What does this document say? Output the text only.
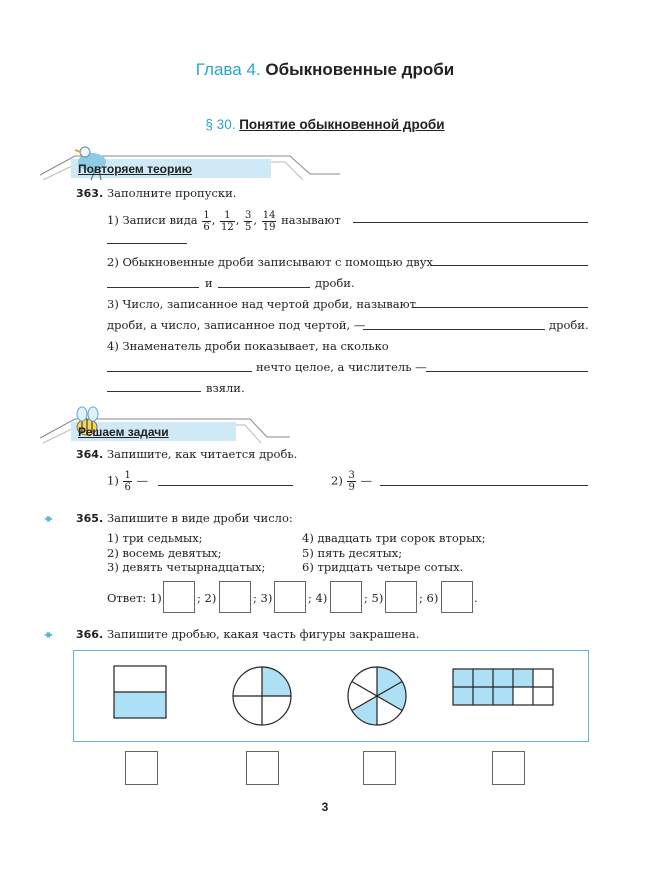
Глава 4. Обыкновенные дроби
§ 30. Понятие обыкновенной дроби
Повторяем теорию
363. Заполните пропуски.
1) Записи вида $\frac{1}{6}$ , $\frac{1}{12}$ , $\frac{3}{5}$ , $\frac{14}{19}$ называют
2) Обыкновенные дроби записывают с помощью двух
и	дроби.
3) Число, записанное над чертой дроби, называют
дроби, а число, записанное под чертой, —	дроби.
4) Знаменатель дроби показывает, на сколько
нечто целое, а числитель —
взяли.
Решаем задачи
364. Запишите, как читается дробь.
$1) \frac{1}{6}$ —	$2) \frac{3}{9}$ —
◂▸ 365. Запишите в виде дроби число:
1) три седьмых;
2) восемь девятых;
3) девять четырнадцатых;
4) двадцать три сорок вторых;
5) пять десятых;
6) тридцать четыре сотых.
Ответ: 1)	; 2)	; 3)	; 4)	; 5)	; 6)	.
◂▸ 366. Запишите дробью, какая часть фигуры закрашена.
3
